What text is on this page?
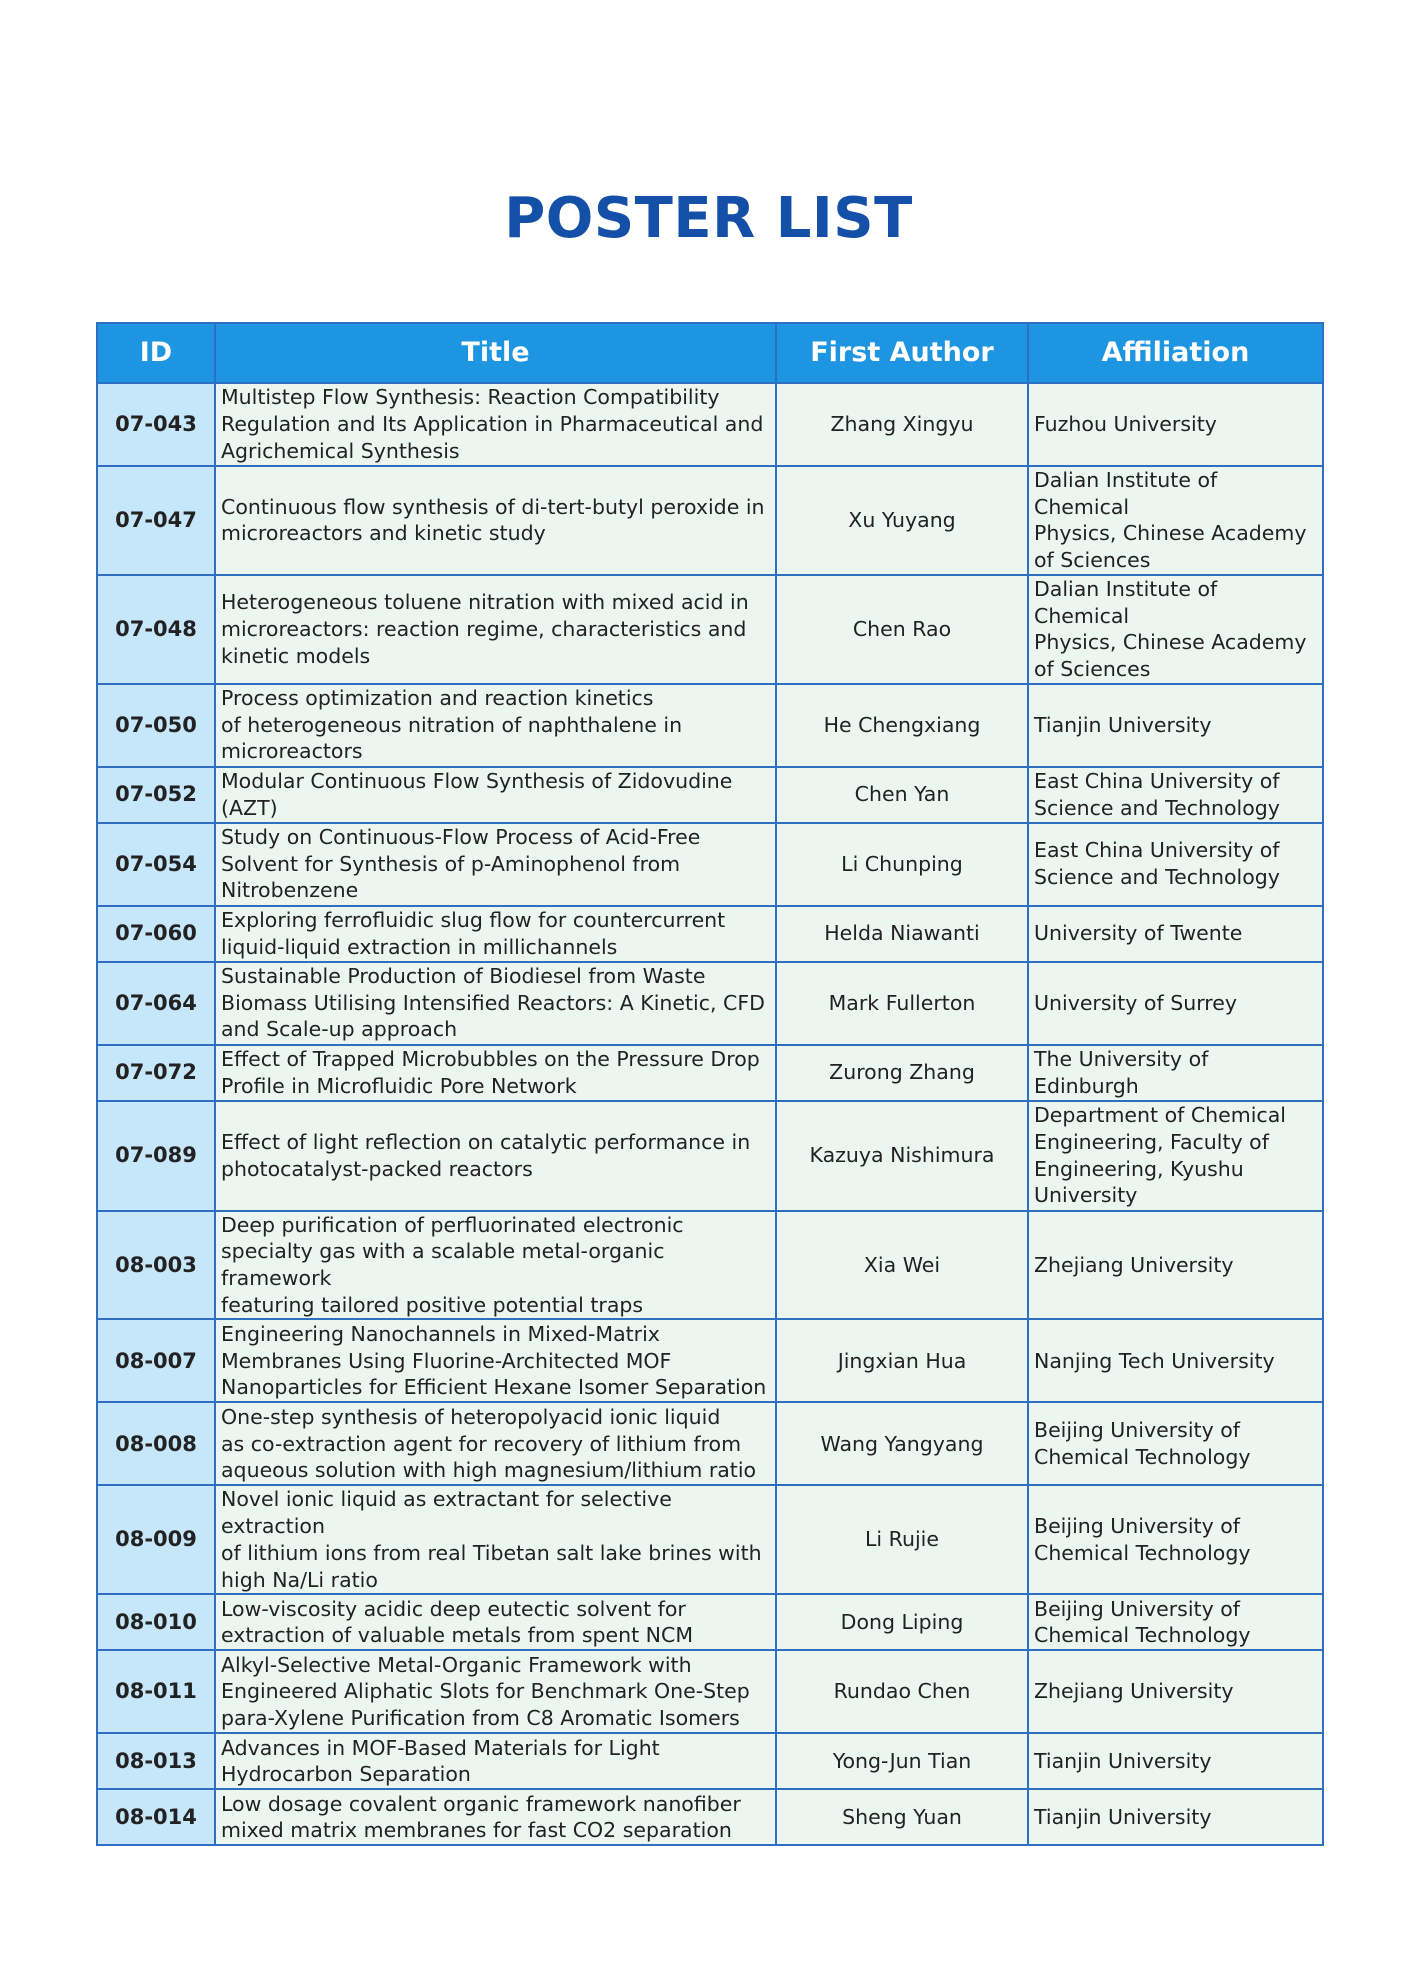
POSTER LIST
ID	Title	First Author	Affiliation
07-043	Multistep Flow Synthesis: Reaction Compatibility
Regulation and Its Application in Pharmaceutical and
Agrichemical Synthesis	Zhang Xingyu	Fuzhou University
07-047	Continuous flow synthesis of di-tert-butyl peroxide in
microreactors and kinetic study	Xu Yuyang	Dalian Institute of Chemical
Physics, Chinese Academy
of Sciences
07-048	Heterogeneous toluene nitration with mixed acid in
microreactors: reaction regime, characteristics and
kinetic models	Chen Rao	Dalian Institute of Chemical
Physics, Chinese Academy
of Sciences
07-050	Process optimization and reaction kinetics
of heterogeneous nitration of naphthalene in
microreactors	He Chengxiang	Tianjin University
07-052	Modular Continuous Flow Synthesis of Zidovudine
(AZT)	Chen Yan	East China University of
Science and Technology
07-054	Study on Continuous-Flow Process of Acid-Free
Solvent for Synthesis of p-Aminophenol from
Nitrobenzene	Li Chunping	East China University of
Science and Technology
07-060	Exploring ferrofluidic slug flow for countercurrent
liquid-liquid extraction in millichannels	Helda Niawanti	University of Twente
07-064	Sustainable Production of Biodiesel from Waste
Biomass Utilising Intensified Reactors: A Kinetic, CFD
and Scale-up approach	Mark Fullerton	University of Surrey
07-072	Effect of Trapped Microbubbles on the Pressure Drop
Profile in Microfluidic Pore Network	Zurong Zhang	The University of Edinburgh
07-089	Effect of light reflection on catalytic performance in
photocatalyst-packed reactors	Kazuya Nishimura	Department of Chemical
Engineering, Faculty of
Engineering, Kyushu
University
08-003	Deep purification of perfluorinated electronic
specialty gas with a scalable metal-organic framework
featuring tailored positive potential traps	Xia Wei	Zhejiang University
08-007	Engineering Nanochannels in Mixed-Matrix
Membranes Using Fluorine-Architected MOF
Nanoparticles for Efficient Hexane Isomer Separation	Jingxian Hua	Nanjing Tech University
08-008	One-step synthesis of heteropolyacid ionic liquid
as co-extraction agent for recovery of lithium from
aqueous solution with high magnesium/lithium ratio	Wang Yangyang	Beijing University of
Chemical Technology
08-009	Novel ionic liquid as extractant for selective extraction
of lithium ions from real Tibetan salt lake brines with
high Na/Li ratio	Li Rujie	Beijing University of
Chemical Technology
08-010	Low-viscosity acidic deep eutectic solvent for
extraction of valuable metals from spent NCM	Dong Liping	Beijing University of
Chemical Technology
08-011	Alkyl-Selective Metal-Organic Framework with
Engineered Aliphatic Slots for Benchmark One-Step
para-Xylene Purification from C8 Aromatic Isomers	Rundao Chen	Zhejiang University
08-013	Advances in MOF-Based Materials for Light
Hydrocarbon Separation	Yong-Jun Tian	Tianjin University
08-014	Low dosage covalent organic framework nanofiber
mixed matrix membranes for fast CO2 separation	Sheng Yuan	Tianjin University
